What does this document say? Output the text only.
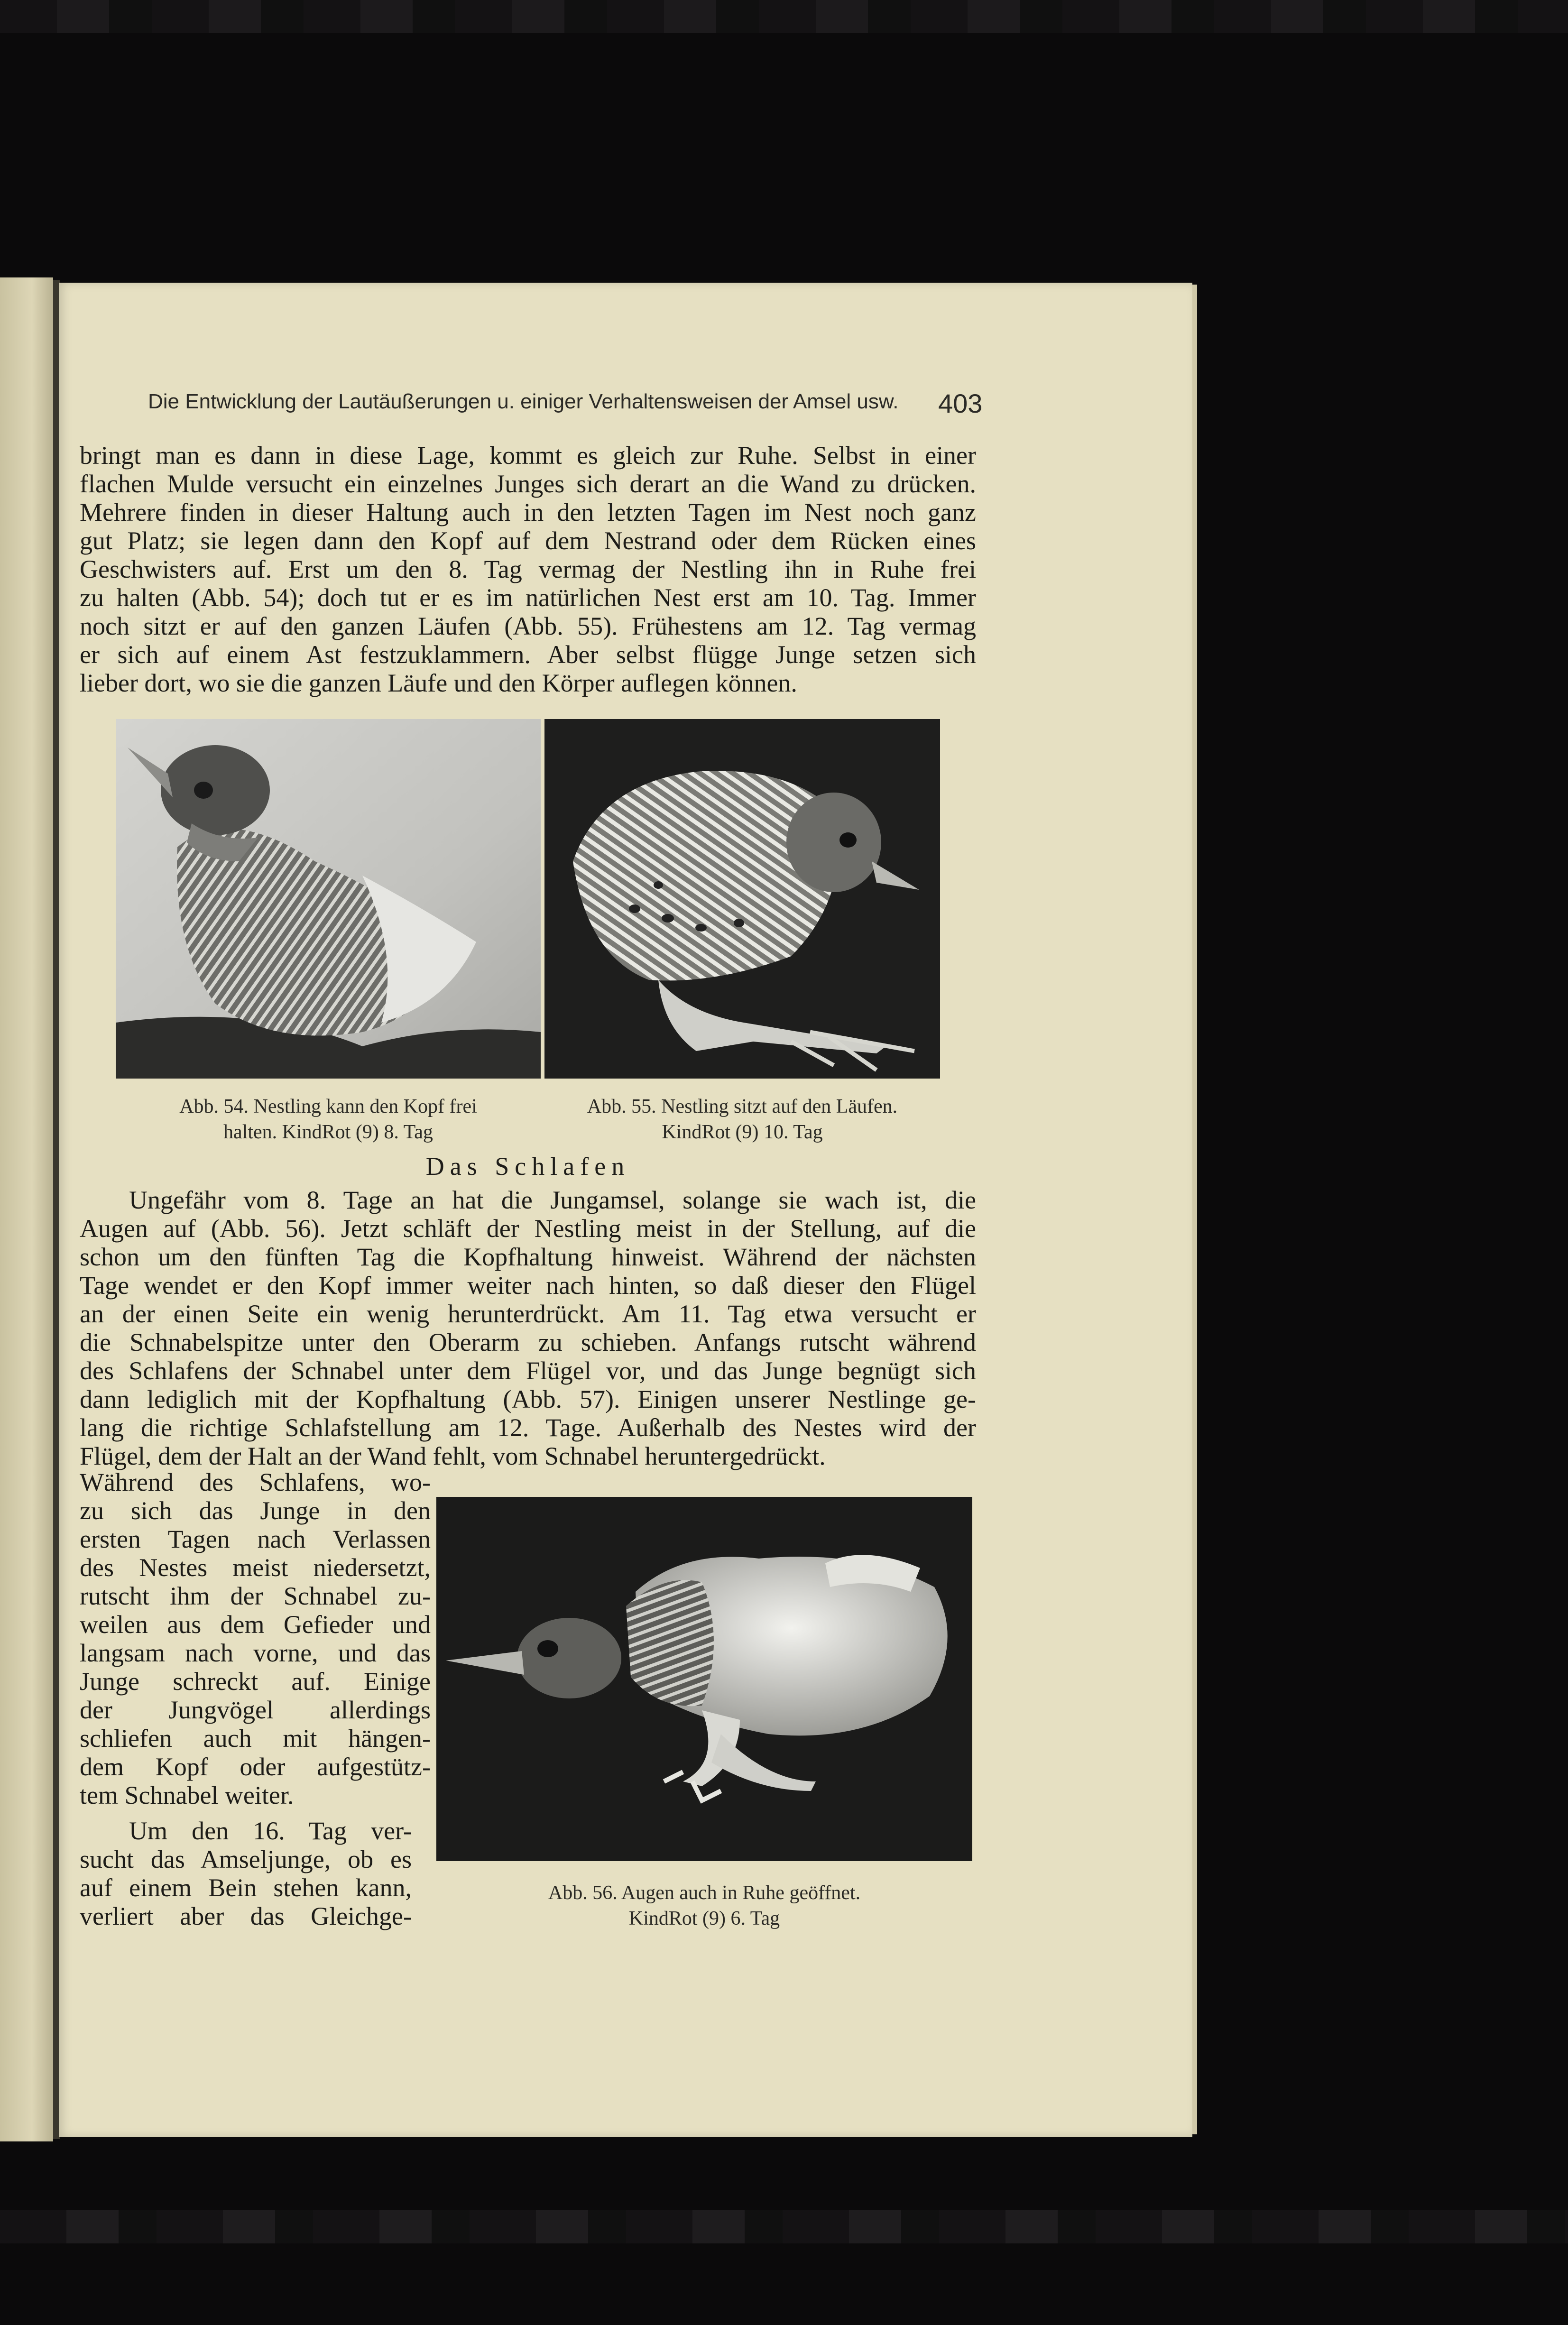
Die Entwicklung der Lautäußerungen u. einiger Verhaltensweisen der Amsel usw.	403

bringt man es dann in diese Lage, kommt es gleich zur Ruhe. Selbst in einer

flachen Mulde versucht ein einzelnes Junges sich derart an die Wand zu drücken.

Mehrere finden in dieser Haltung auch in den letzten Tagen im Nest noch ganz

gut Platz; sie legen dann den Kopf auf dem Nestrand oder dem Rücken eines

Geschwisters auf. Erst um den 8. Tag vermag der Nestling ihn in Ruhe frei

zu halten (Abb. 54); doch tut er es im natürlichen Nest erst am 10. Tag. Immer

noch sitzt er auf den ganzen Läufen (Abb. 55). Frühestens am 12. Tag vermag

er sich auf einem Ast festzuklammern. Aber selbst flügge Junge setzen sich

lieber dort, wo sie die ganzen Läufe und den Körper auflegen können.

Abb. 54. Nestling kann den Kopf frei
halten. KindRot (9) 8. Tag
Abb. 55. Nestling sitzt auf den Läufen.
KindRot (9) 10. Tag
Das Schlafen

Ungefähr vom 8. Tage an hat die Jungamsel, solange sie wach ist, die

Augen auf (Abb. 56). Jetzt schläft der Nestling meist in der Stellung, auf die

schon um den fünften Tag die Kopfhaltung hinweist. Während der nächsten

Tage wendet er den Kopf immer weiter nach hinten, so daß dieser den Flügel

an der einen Seite ein wenig herunterdrückt. Am 11. Tag etwa versucht er

die Schnabelspitze unter den Oberarm zu schieben. Anfangs rutscht während

des Schlafens der Schnabel unter dem Flügel vor, und das Junge begnügt sich

dann lediglich mit der Kopfhaltung (Abb. 57). Einigen unserer Nestlinge ge-

lang die richtige Schlafstellung am 12. Tage. Außerhalb des Nestes wird der

Flügel, dem der Halt an der Wand fehlt, vom Schnabel heruntergedrückt.

Während des Schlafens, wo-

zu sich das Junge in den

ersten Tagen nach Verlassen

des Nestes meist niedersetzt,

rutscht ihm der Schnabel zu-

weilen aus dem Gefieder und

langsam nach vorne, und das

Junge schreckt auf. Einige

der Jungvögel allerdings

schliefen auch mit hängen-

dem Kopf oder aufgestütz-

tem Schnabel weiter.

Um den 16. Tag ver-

sucht das Amseljunge, ob es

auf einem Bein stehen kann,

verliert aber das Gleichge-

Abb. 56. Augen auch in Ruhe geöffnet.
KindRot (9) 6. Tag
